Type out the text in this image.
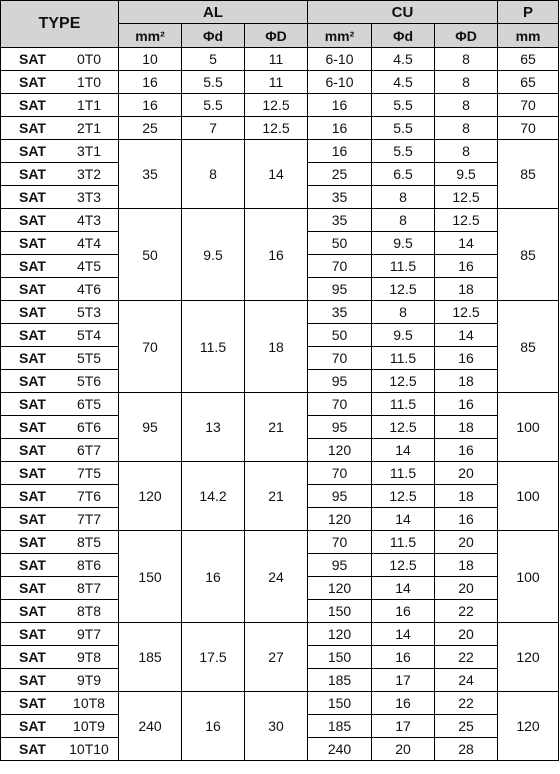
TYPE	AL			CU			P
	mm²	Φd	ΦD	mm²	Φd	ΦD	mm
SAT 0T0	10	5	11	6-10	4.5	8	65
SAT 1T0	16	5.5	11	6-10	4.5	8	65
SAT 1T1	16	5.5	12.5	16	5.5	8	70
SAT 2T1	25	7	12.5	16	5.5	8	70
SAT 3T1	35	8	14	16	5.5	8	85
SAT 3T2				25	6.5	9.5	
SAT 3T3				35	8	12.5	
SAT 4T3	50	9.5	16	35	8	12.5	85
SAT 4T4				50	9.5	14	
SAT 4T5				70	11.5	16	
SAT 4T6				95	12.5	18	
SAT 5T3	70	11.5	18	35	8	12.5	85
SAT 5T4				50	9.5	14	
SAT 5T5				70	11.5	16	
SAT 5T6				95	12.5	18	
SAT 6T5	95	13	21	70	11.5	16	100
SAT 6T6				95	12.5	18	
SAT 6T7				120	14	16	
SAT 7T5	120	14.2	21	70	11.5	20	100
SAT 7T6				95	12.5	18	
SAT 7T7				120	14	16	
SAT 8T5	150	16	24	70	11.5	20	100
SAT 8T6				95	12.5	18	
SAT 8T7				120	14	20	
SAT 8T8				150	16	22	
SAT 9T7	185	17.5	27	120	14	20	120
SAT 9T8				150	16	22	
SAT 9T9				185	17	24	
SAT 10T8	240	16	30	150	16	22	120
SAT 10T9				185	17	25	
SAT 10T10				240	20	28	
